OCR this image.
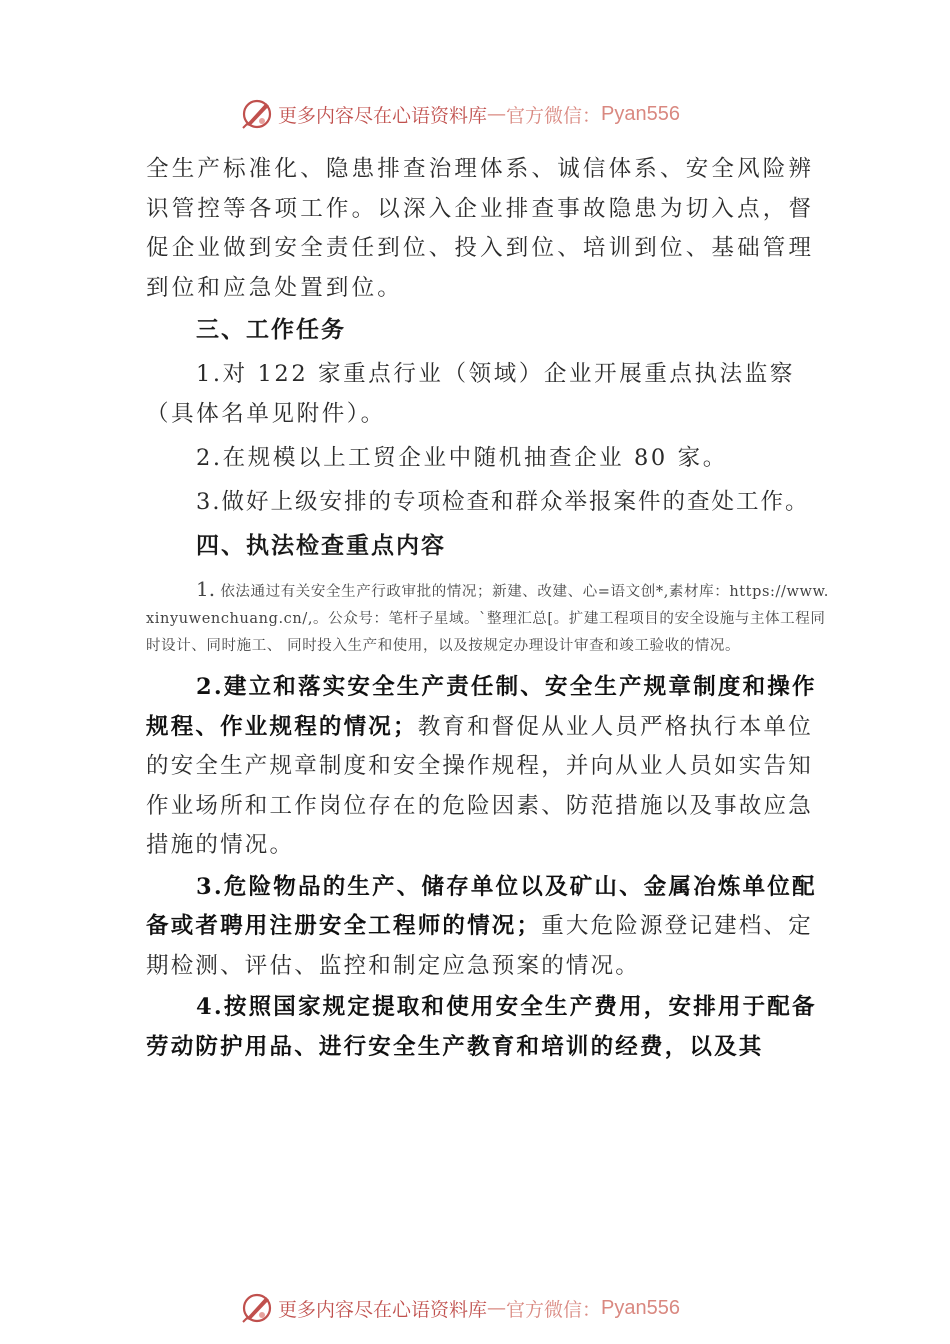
更多内容尽在心语资料库 — 官方微信： Pyan556

全生产标准化、隐患排查治理体系、诚信体系、安全风险辨识管控等各项工作。以深入企业排查事故隐患为切入点，督促企业做到安全责任到位、投入到位、培训到位、基础管理到位和应急处置到位。

三、工作任务

1.对 122 家重点行业（领域）企业开展重点执法监察（具体名单见附件）。

2.在规模以上工贸企业中随机抽查企业 80 家。

3.做好上级安排的专项检查和群众举报案件的查处工作。

四、执法检查重点内容

1. 依法通过有关安全生产行政审批的情况；新建、改建、心=语文创*,素材库：https://www.xinyuwenchuang.cn/,。公众号：笔杆子星域。`整理汇总[。扩建工程项目的安全设施与主体工程同时设计、同时施工、 同时投入生产和使用，以及按规定办理设计审查和竣工验收的情况。

2.建立和落实安全生产责任制、安全生产规章制度和操作规程、作业规程的情况；教育和督促从业人员严格执行本单位的安全生产规章制度和安全操作规程，并向从业人员如实告知作业场所和工作岗位存在的危险因素、防范措施以及事故应急措施的情况。

3.危险物品的生产、储存单位以及矿山、金属冶炼单位配备或者聘用注册安全工程师的情况；重大危险源登记建档、定期检测、评估、监控和制定应急预案的情况。

4.按照国家规定提取和使用安全生产费用，安排用于配备劳动防护用品、进行安全生产教育和培训的经费，以及其

更多内容尽在心语资料库 — 官方微信： Pyan556
